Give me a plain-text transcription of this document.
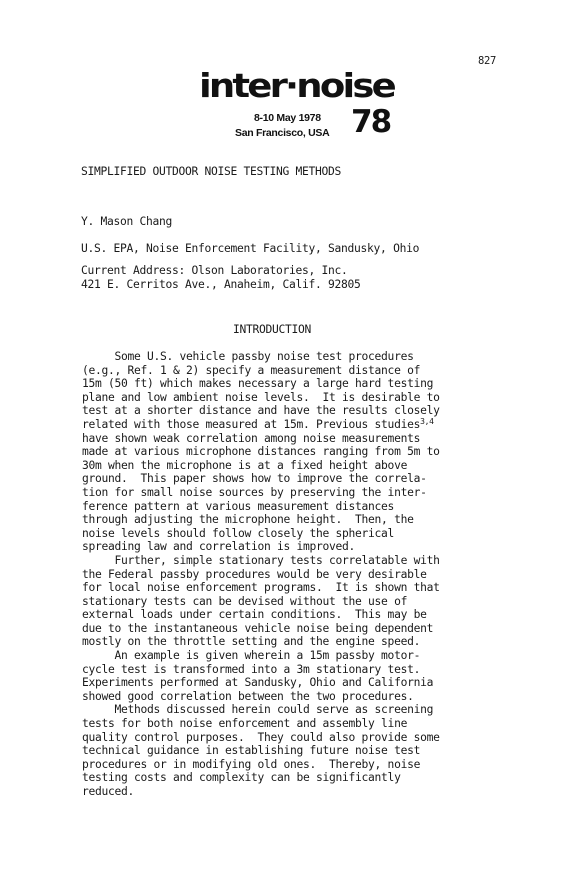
827
inter·noise
8-10 May 1978
San Francisco, USA 78
SIMPLIFIED OUTDOOR NOISE TESTING METHODS
Y. Mason Chang
U.S. EPA, Noise Enforcement Facility, Sandusky, Ohio
Current Address: Olson Laboratories, Inc.
421 E. Cerritos Ave., Anaheim, Calif. 92805
INTRODUCTION
Some U.S. vehicle passby noise test procedures
(e.g., Ref. 1 & 2) specify a measurement distance of
15m (50 ft) which makes necessary a large hard testing
plane and low ambient noise levels.  It is desirable to
test at a shorter distance and have the results closely
related with those measured at 15m. Previous studies$^{3,4}$
have shown weak correlation among noise measurements
made at various microphone distances ranging from 5m to
30m when the microphone is at a fixed height above
ground.  This paper shows how to improve the correla-
tion for small noise sources by preserving the inter-
ference pattern at various measurement distances
through adjusting the microphone height.  Then, the
noise levels should follow closely the spherical
spreading law and correlation is improved.
Further, simple stationary tests correlatable with
the Federal passby procedures would be very desirable
for local noise enforcement programs.  It is shown that
stationary tests can be devised without the use of
external loads under certain conditions.  This may be
due to the instantaneous vehicle noise being dependent
mostly on the throttle setting and the engine speed.
An example is given wherein a 15m passby motor-
cycle test is transformed into a 3m stationary test.
Experiments performed at Sandusky, Ohio and California
showed good correlation between the two procedures.
Methods discussed herein could serve as screening
tests for both noise enforcement and assembly line
quality control purposes.  They could also provide some
technical guidance in establishing future noise test
procedures or in modifying old ones.  Thereby, noise
testing costs and complexity can be significantly
reduced.
